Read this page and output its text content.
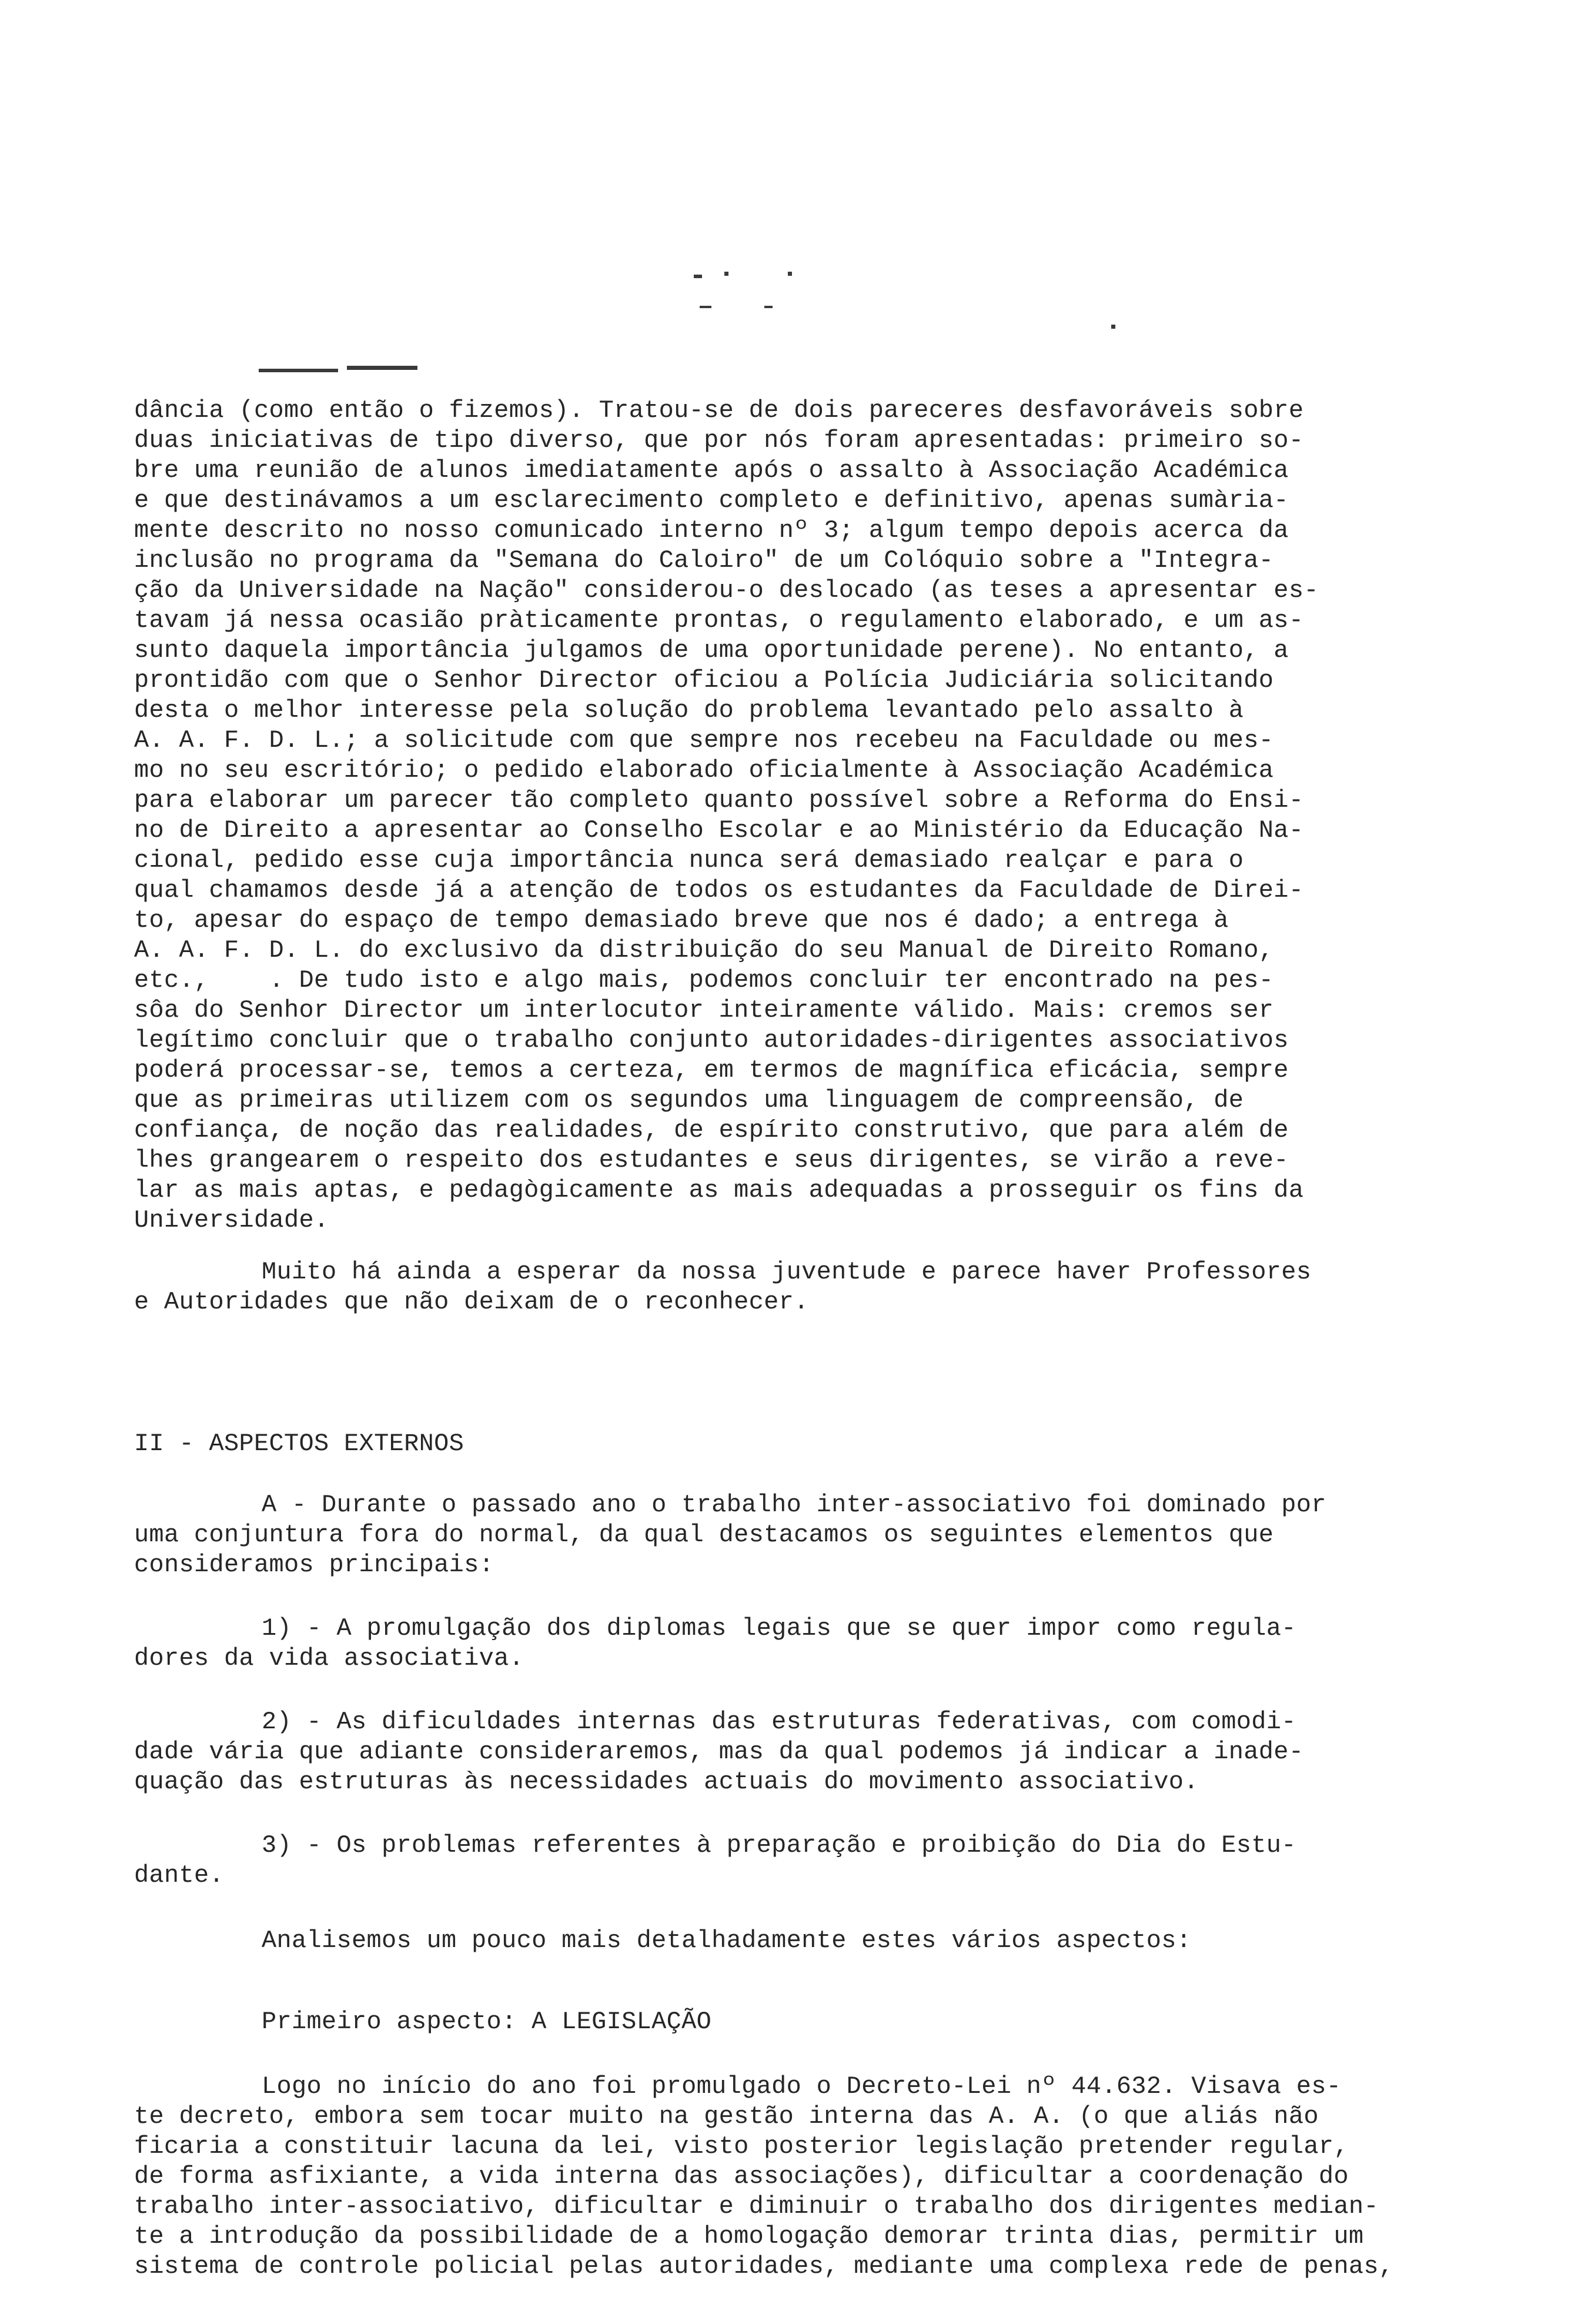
dância (como então o fizemos). Tratou-se de dois pareceres desfavoráveis sobre
duas iniciativas de tipo diverso, que por nós foram apresentadas: primeiro so-
bre uma reunião de alunos imediatamente após o assalto à Associação Académica
e que destinávamos a um esclarecimento completo e definitivo, apenas sumària-
mente descrito no nosso comunicado interno nº 3; algum tempo depois acerca da
inclusão no programa da "Semana do Caloiro" de um Colóquio sobre a "Integra-
ção da Universidade na Nação" considerou-o deslocado (as teses a apresentar es-
tavam já nessa ocasião pràticamente prontas, o regulamento elaborado, e um as-
sunto daquela importância julgamos de uma oportunidade perene). No entanto, a
prontidão com que o Senhor Director oficiou a Polícia Judiciária solicitando
desta o melhor interesse pela solução do problema levantado pelo assalto à
A. A. F. D. L.; a solicitude com que sempre nos recebeu na Faculdade ou mes-
mo no seu escritório; o pedido elaborado oficialmente à Associação Académica
para elaborar um parecer tão completo quanto possível sobre a Reforma do Ensi-
no de Direito a apresentar ao Conselho Escolar e ao Ministério da Educação Na-
cional, pedido esse cuja importância nunca será demasiado realçar e para o
qual chamamos desde já a atenção de todos os estudantes da Faculdade de Direi-
to, apesar do espaço de tempo demasiado breve que nos é dado; a entrega à
A. A. F. D. L. do exclusivo da distribuição do seu Manual de Direito Romano,
etc.,    . De tudo isto e algo mais, podemos concluir ter encontrado na pes-
sôa do Senhor Director um interlocutor inteiramente válido. Mais: cremos ser
legítimo concluir que o trabalho conjunto autoridades-dirigentes associativos
poderá processar-se, temos a certeza, em termos de magnífica eficácia, sempre
que as primeiras utilizem com os segundos uma linguagem de compreensão, de
confiança, de noção das realidades, de espírito construtivo, que para além de
lhes grangearem o respeito dos estudantes e seus dirigentes, se virão a reve-
lar as mais aptas, e pedagògicamente as mais adequadas a prosseguir os fins da
Universidade.
Muito há ainda a esperar da nossa juventude e parece haver Professores
e Autoridades que não deixam de o reconhecer.
II - ASPECTOS EXTERNOS
A - Durante o passado ano o trabalho inter-associativo foi dominado por
uma conjuntura fora do normal, da qual destacamos os seguintes elementos que
consideramos principais:
1) - A promulgação dos diplomas legais que se quer impor como regula-
dores da vida associativa.
2) - As dificuldades internas das estruturas federativas, com comodi-
dade vária que adiante consideraremos, mas da qual podemos já indicar a inade-
quação das estruturas às necessidades actuais do movimento associativo.
3) - Os problemas referentes à preparação e proibição do Dia do Estu-
dante.
Analisemos um pouco mais detalhadamente estes vários aspectos:
Primeiro aspecto: A LEGISLAÇÃO
Logo no início do ano foi promulgado o Decreto-Lei nº 44.632. Visava es-
te decreto, embora sem tocar muito na gestão interna das A. A. (o que aliás não
ficaria a constituir lacuna da lei, visto posterior legislação pretender regular,
de forma asfixiante, a vida interna das associações), dificultar a coordenação do
trabalho inter-associativo, dificultar e diminuir o trabalho dos dirigentes median-
te a introdução da possibilidade de a homologação demorar trinta dias, permitir um
sistema de controle policial pelas autoridades, mediante uma complexa rede de penas,
